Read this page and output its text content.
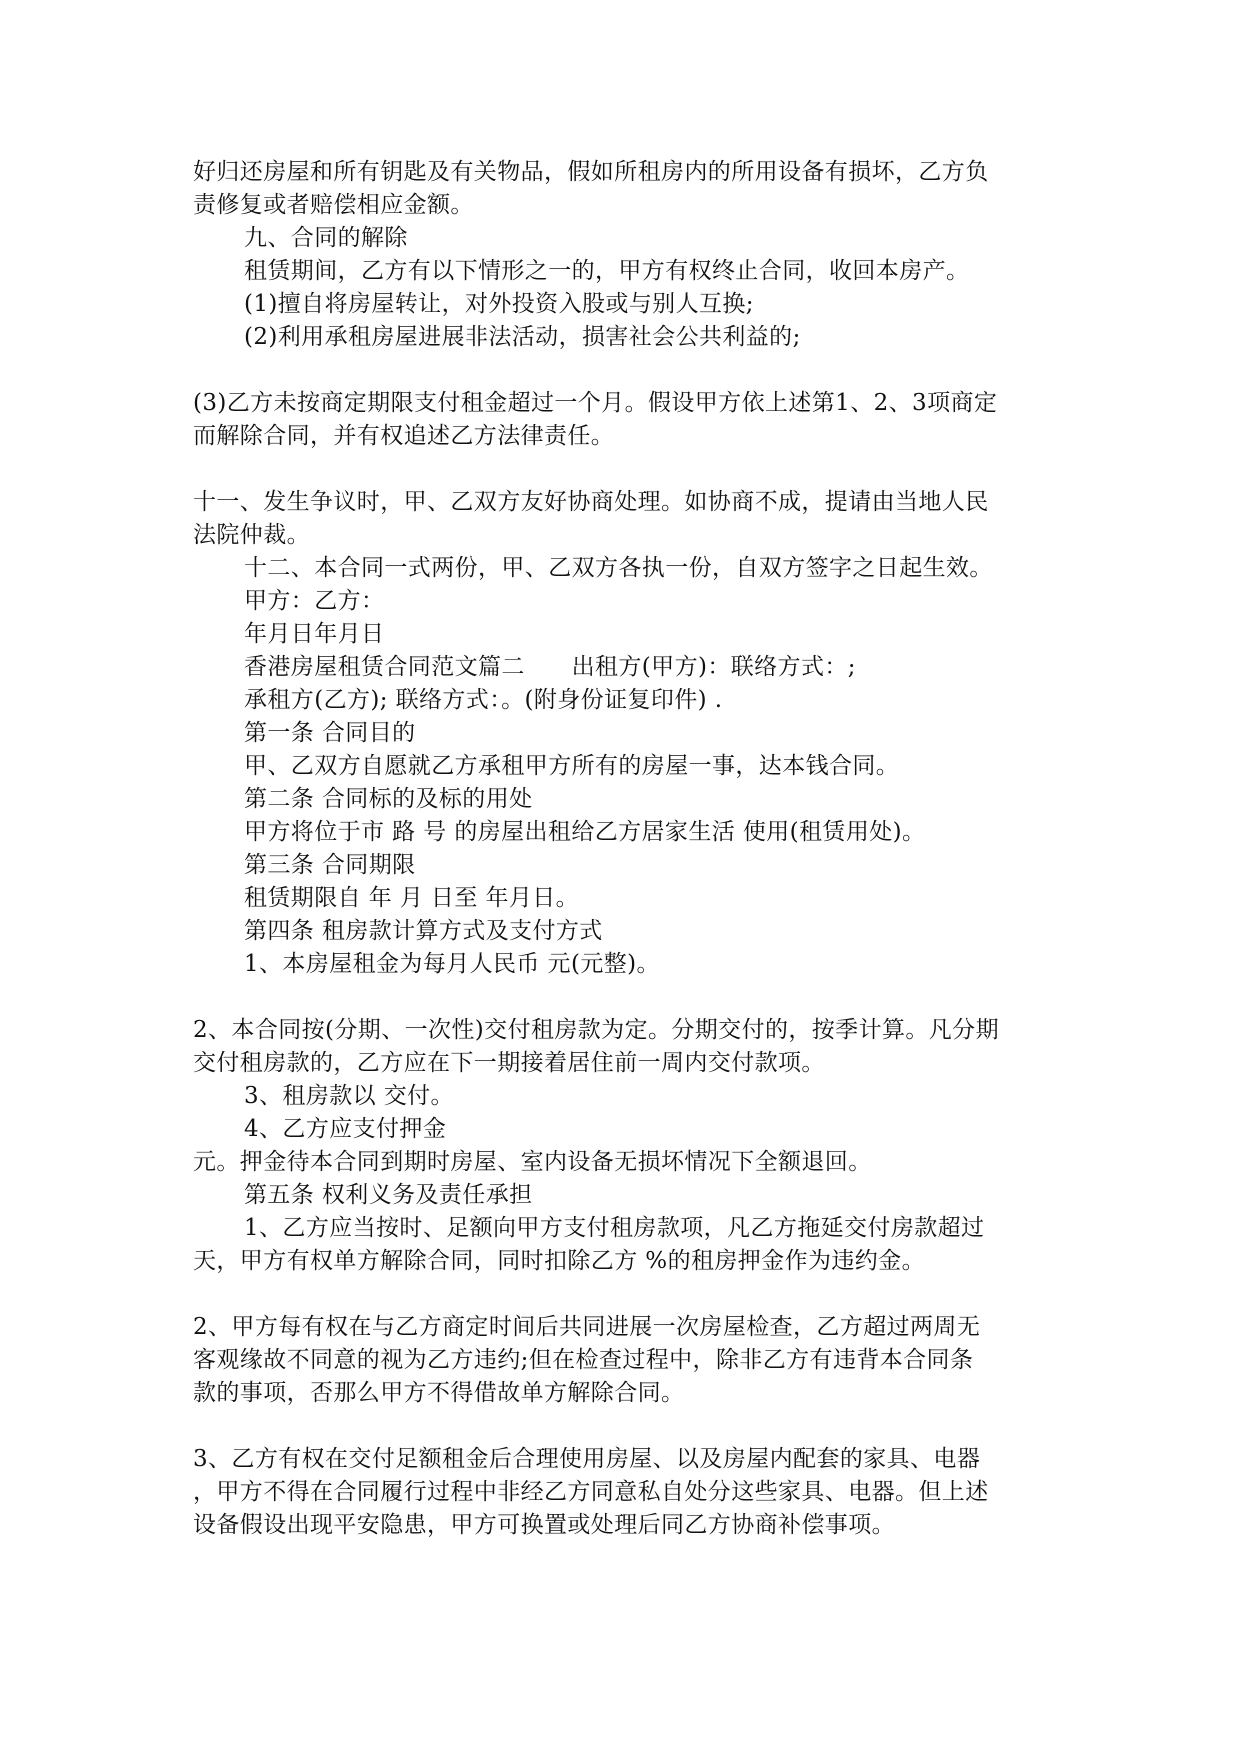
好归还房屋和所有钥匙及有关物品，假如所租房内的所用设备有损坏，乙方负
责修复或者赔偿相应金额。
九、合同的解除
租赁期间，乙方有以下情形之一的，甲方有权终止合同，收回本房产。
(1)擅自将房屋转让，对外投资入股或与别人互换;
(2)利用承租房屋进展非法活动，损害社会公共利益的;
(3)乙方未按商定期限支付租金超过一个月。假设甲方依上述第1、2、3项商定
而解除合同，并有权追述乙方法律责任。
十一、发生争议时，甲、乙双方友好协商处理。如协商不成，提请由当地人民
法院仲裁。
十二、本合同一式两份，甲、乙双方各执一份，自双方签字之日起生效。
甲方：乙方：
年月日年月日
香港房屋租赁合同范文篇二　　出租方(甲方)：联络方式：;
承租方(乙方); 联络方式：。(附身份证复印件) .
第一条 合同目的
甲、乙双方自愿就乙方承租甲方所有的房屋一事，达本钱合同。
第二条 合同标的及标的用处
甲方将位于市 路 号 的房屋出租给乙方居家生活 使用(租赁用处)。
第三条 合同期限
租赁期限自 年 月 日至 年月日。
第四条 租房款计算方式及支付方式
1、本房屋租金为每月人民币 元(元整)。
2、本合同按(分期、一次性)交付租房款为定。分期交付的，按季计算。凡分期
交付租房款的，乙方应在下一期接着居住前一周内交付款项。
3、租房款以 交付。
4、乙方应支付押金
元。押金待本合同到期时房屋、室内设备无损坏情况下全额退回。
第五条 权利义务及责任承担
1、乙方应当按时、足额向甲方支付租房款项，凡乙方拖延交付房款超过
天，甲方有权单方解除合同，同时扣除乙方 %的租房押金作为违约金。
2、甲方每有权在与乙方商定时间后共同进展一次房屋检查，乙方超过两周无
客观缘故不同意的视为乙方违约;但在检查过程中，除非乙方有违背本合同条
款的事项，否那么甲方不得借故单方解除合同。
3、乙方有权在交付足额租金后合理使用房屋、以及房屋内配套的家具、电器
，甲方不得在合同履行过程中非经乙方同意私自处分这些家具、电器。但上述
设备假设出现平安隐患，甲方可换置或处理后同乙方协商补偿事项。
